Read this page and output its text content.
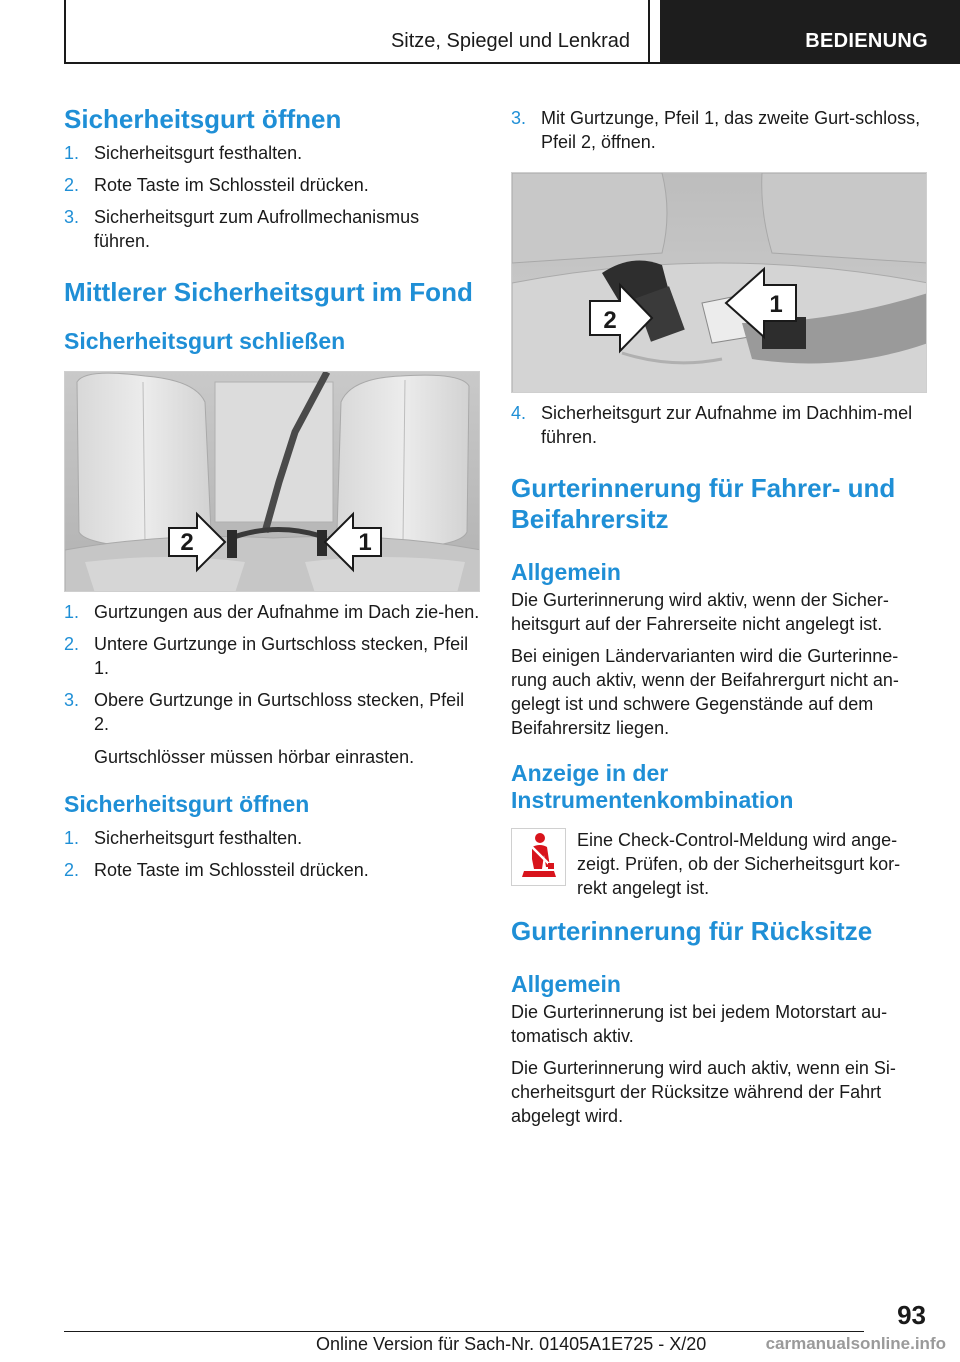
Sitze, Spiegel und Lenkrad	BEDIENUNG
Sicherheitsgurt öffnen
1. Sicherheitsgurt festhalten.
2. Rote Taste im Schlossteil drücken.
3. Sicherheitsgurt zum Aufrollmechanismus führen.
Mittlerer Sicherheitsgurt im Fond
Sicherheitsgurt schließen
2	1
1. Gurtzungen aus der Aufnahme im Dach zie-hen.
2. Untere Gurtzunge in Gurtschloss stecken, Pfeil 1.
3. Obere Gurtzunge in Gurtschloss stecken, Pfeil 2.
Gurtschlösser müssen hörbar einrasten.
Sicherheitsgurt öffnen
1. Sicherheitsgurt festhalten.
2. Rote Taste im Schlossteil drücken.
3. Mit Gurtzunge, Pfeil 1, das zweite Gurt-schloss, Pfeil 2, öffnen.
2
1
4. Sicherheitsgurt zur Aufnahme im Dachhim-mel führen.
Gurterinnerung für Fahrer- und Beifahrersitz
Allgemein

Die Gurterinnerung wird aktiv, wenn der Sicher-heitsgurt auf der Fahrerseite nicht angelegt ist.

Bei einigen Ländervarianten wird die Gurterinne-rung auch aktiv, wenn der Beifahrergurt nicht an-gelegt ist und schwere Gegenstände auf dem Beifahrersitz liegen.

Anzeige in der Instrumentenkombination
Eine Check-Control-Meldung wird ange-zeigt. Prüfen, ob der Sicherheitsgurt kor-rekt angelegt ist.
Gurterinnerung für Rücksitze
Allgemein

Die Gurterinnerung ist bei jedem Motorstart au-tomatisch aktiv.

Die Gurterinnerung wird auch aktiv, wenn ein Si-cherheitsgurt der Rücksitze während der Fahrt abgelegt wird.

93
Online Version für Sach-Nr. 01405A1E725 - X/20	carmanualsonline.info
